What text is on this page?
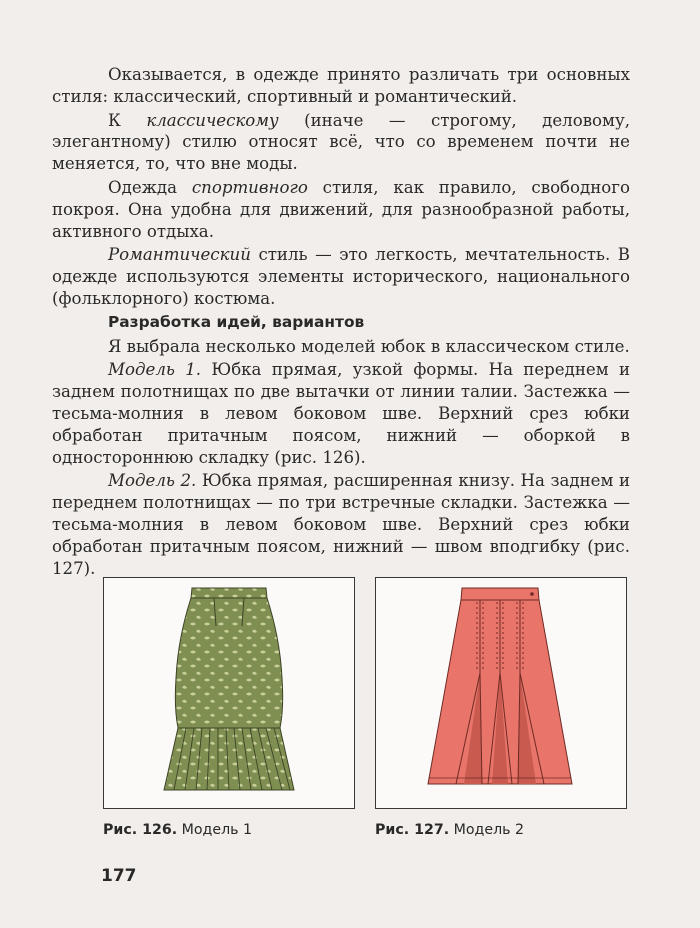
Оказывается, в одежде принято различать три основных стиля: классический, спортивный и романтический.

К классическому (иначе — строгому, деловому, элегантному) стилю относят всё, что со временем почти не меняется, то, что вне моды.

Одежда спортивного стиля, как правило, свободного покроя. Она удобна для движений, для разнообразной работы, активного отдыха.

Романтический стиль — это легкость, мечтательность. В одежде используются элементы исторического, национального (фольклорного) костюма.

Разработка идей, вариантов

Я выбрала несколько моделей юбок в классическом стиле.

Модель 1. Юбка прямая, узкой формы. На переднем и заднем полотнищах по две вытачки от линии талии. Застежка — тесьма-молния в левом боковом шве. Верхний срез юбки обработан притачным поясом, нижний — оборкой в одностороннюю складку (рис. 126).

Модель 2. Юбка прямая, расширенная книзу. На заднем и переднем полотнищах — по три встречные складки. Застежка — тесьма-молния в левом боковом шве. Верхний срез юбки обработан притачным поясом, нижний — швом вподгибку (рис. 127).

Рис. 126. Модель 1	Рис. 127. Модель 2
177
